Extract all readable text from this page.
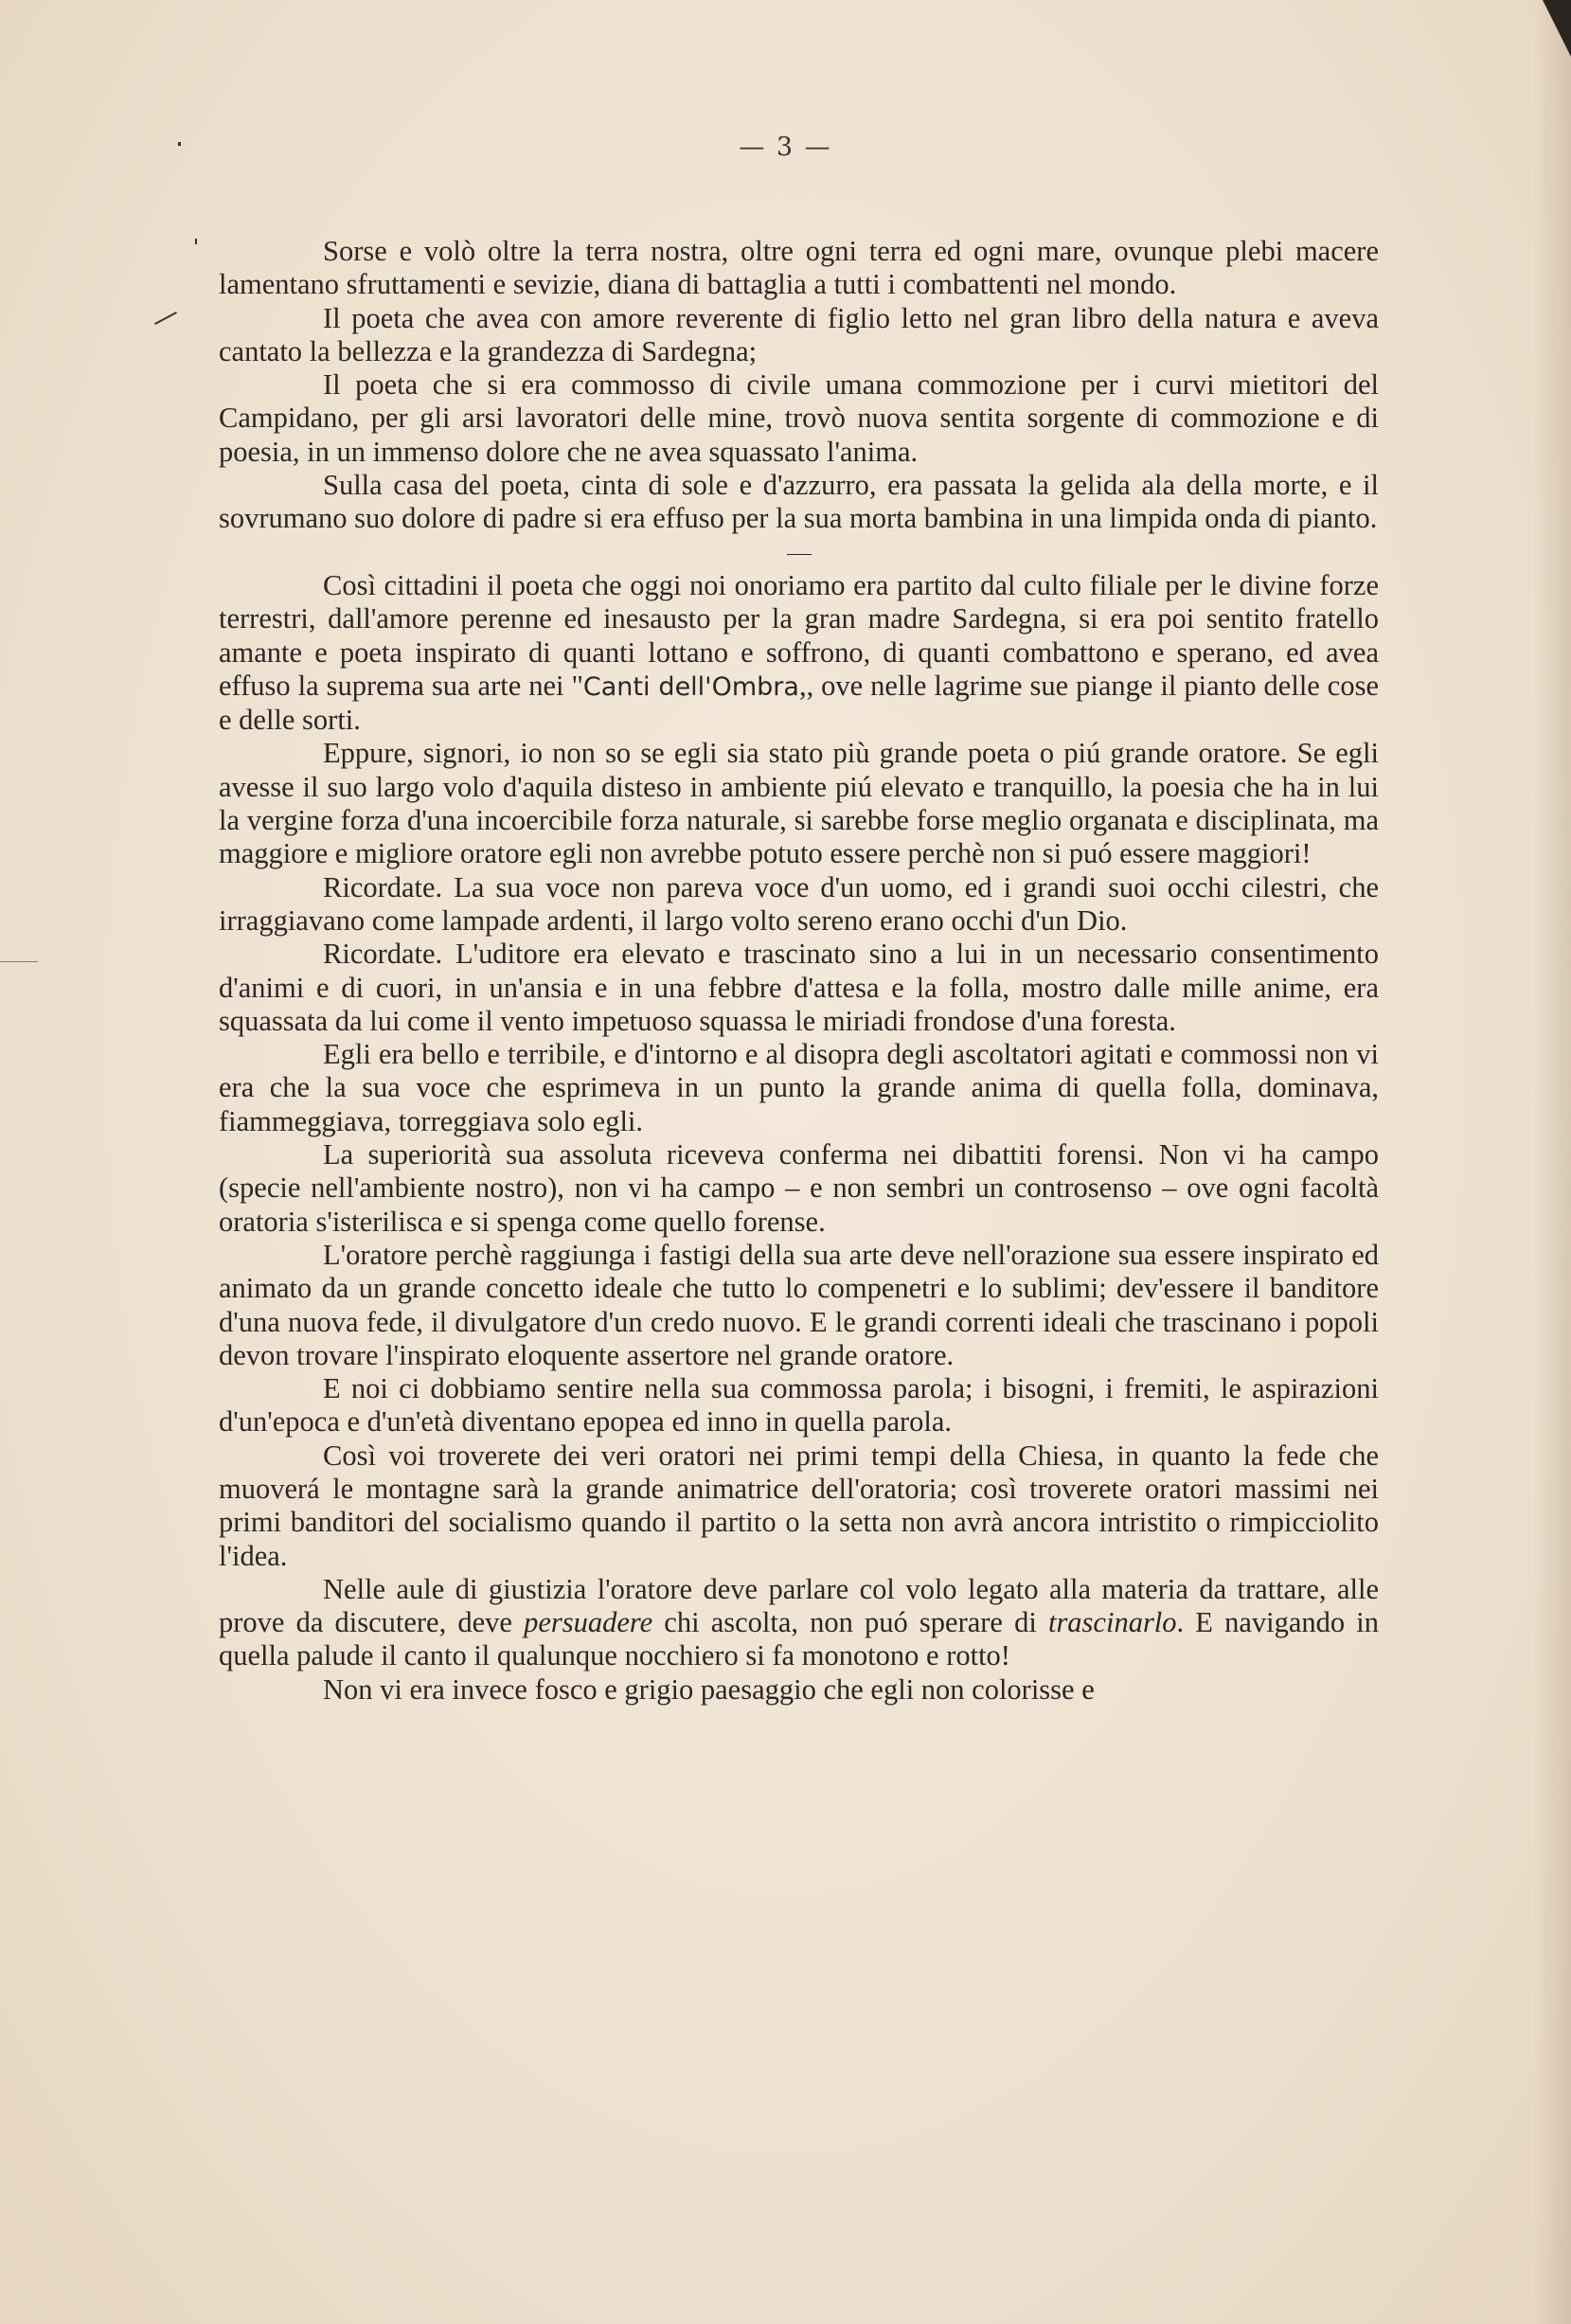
— 3 —

Sorse e volò oltre la terra nostra, oltre ogni terra ed ogni mare, ovunque plebi macere lamentano sfruttamenti e sevizie, diana di battaglia a tutti i combattenti nel mondo.

Il poeta che avea con amore reverente di figlio letto nel gran libro della natura e aveva cantato la bellezza e la grandezza di Sardegna;

Il poeta che si era commosso di civile umana commozione per i curvi mietitori del Campidano, per gli arsi lavoratori delle mine, trovò nuova sentita sorgente di commozione e di poesia, in un immenso dolore che ne avea squassato l'anima.

Sulla casa del poeta, cinta di sole e d'azzurro, era passata la gelida ala della morte, e il sovrumano suo dolore di padre si era effuso per la sua morta bambina in una limpida onda di pianto.

Così cittadini il poeta che oggi noi onoriamo era partito dal culto filiale per le divine forze terrestri, dall'amore perenne ed inesausto per la gran madre Sardegna, si era poi sentito fratello amante e poeta inspirato di quanti lottano e soffrono, di quanti combattono e sperano, ed avea effuso la suprema sua arte nei "Canti dell'Ombra,, ove nelle lagrime sue piange il pianto delle cose e delle sorti.

Eppure, signori, io non so se egli sia stato più grande poeta o piú grande oratore. Se egli avesse il suo largo volo d'aquila disteso in ambiente piú elevato e tranquillo, la poesia che ha in lui la vergine forza d'una incoercibile forza naturale, si sarebbe forse meglio organata e disciplinata, ma maggiore e migliore oratore egli non avrebbe potuto essere perchè non si puó essere maggiori!

Ricordate. La sua voce non pareva voce d'un uomo, ed i grandi suoi occhi cilestri, che irraggiavano come lampade ardenti, il largo volto sereno erano occhi d'un Dio.

Ricordate. L'uditore era elevato e trascinato sino a lui in un necessario consentimento d'animi e di cuori, in un'ansia e in una febbre d'attesa e la folla, mostro dalle mille anime, era squassata da lui come il vento impetuoso squassa le miriadi frondose d'una foresta.

Egli era bello e terribile, e d'intorno e al disopra degli ascoltatori agitati e commossi non vi era che la sua voce che esprimeva in un punto la grande anima di quella folla, dominava, fiammeggiava, torreggiava solo egli.

La superiorità sua assoluta riceveva conferma nei dibattiti forensi. Non vi ha campo (specie nell'ambiente nostro), non vi ha campo – e non sembri un controsenso – ove ogni facoltà oratoria s'isterilisca e si spenga come quello forense.

L'oratore perchè raggiunga i fastigi della sua arte deve nell'orazione sua essere inspirato ed animato da un grande concetto ideale che tutto lo compenetri e lo sublimi; dev'essere il banditore d'una nuova fede, il divulgatore d'un credo nuovo. E le grandi correnti ideali che trascinano i popoli devon trovare l'inspirato eloquente assertore nel grande oratore.

E noi ci dobbiamo sentire nella sua commossa parola; i bisogni, i fremiti, le aspirazioni d'un'epoca e d'un'età diventano epopea ed inno in quella parola.

Così voi troverete dei veri oratori nei primi tempi della Chiesa, in quanto la fede che muoverá le montagne sarà la grande animatrice dell'oratoria; così troverete oratori massimi nei primi banditori del socialismo quando il partito o la setta non avrà ancora intristito o rimpicciolito l'idea.

Nelle aule di giustizia l'oratore deve parlare col volo legato alla materia da trattare, alle prove da discutere, deve persuadere chi ascolta, non puó sperare di trascinarlo. E navigando in quella palude il canto il qualunque nocchiero si fa monotono e rotto!

Non vi era invece fosco e grigio paesaggio che egli non colorisse e
